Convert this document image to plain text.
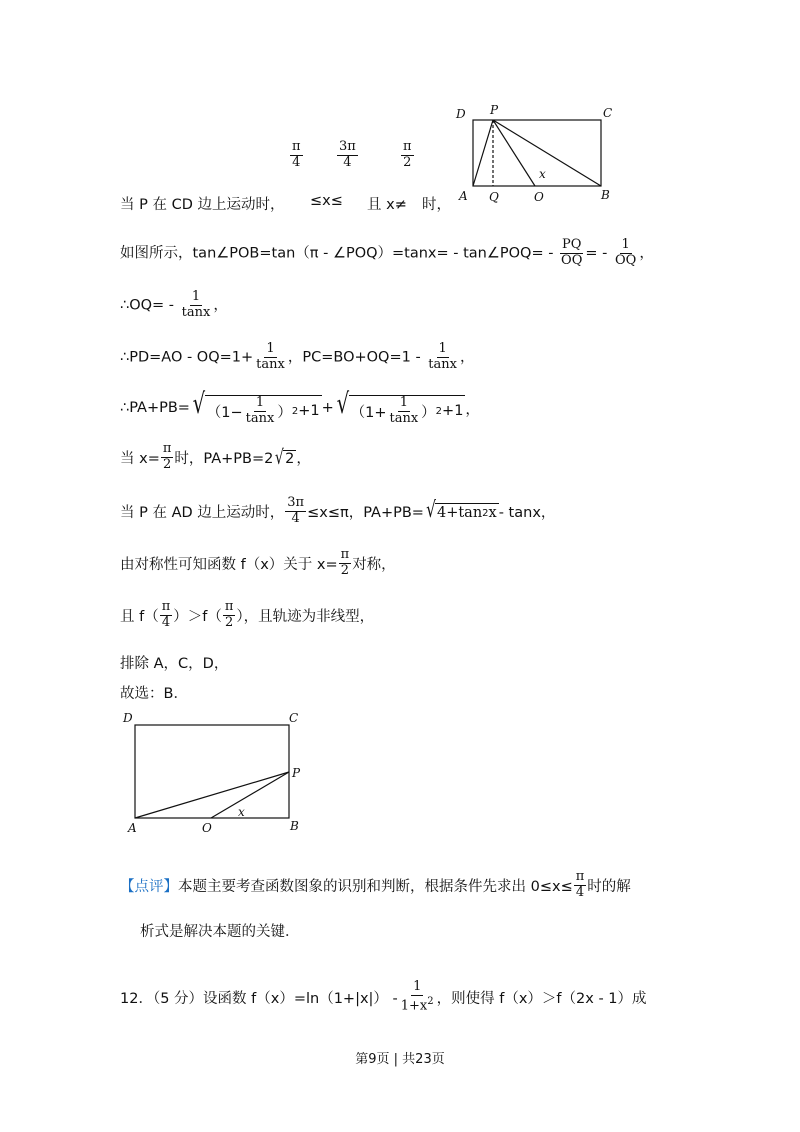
D P	C
A Q	O	B
x
$\frac{\pi}{4}$	$\frac{3\pi}{4}$	$\frac{\pi}{2}$
当 P 在 CD 边上运动时， ≤x≤ 且 x≠ 时，
如图所示，tan∠POB=tan（π - ∠POQ）=tanx= - tan∠POQ= - $\frac{PQ}{OQ}$ = - $\frac{1}{OQ}$ ，
∴OQ= - $\frac{1}{\tan x}$ ，
∴PD=AO - $OQ=1+ \frac{1}{\tan x}$ ，$PC=BO+OQ=1 - \frac{1}{\tan x}$ ，
∴PA+PB= √ （$1- \frac{1}{\tan x}$ ） 2 +1 + √ （$1+ \frac{1}{\tan x}$ ） 2 +1 ，
当 $x= \frac{\pi}{2}$ 时，PA+PB=2 √ 2 ，
当 P 在 AD 边上运动时， $\frac{3\pi}{4} \le x\le\pi$，PA+PB= √ 4+tan 2 x - tanx，
由对称性可知函数 f（x）关于 $x= \frac{\pi}{2}$ 对称，
且 $f( \frac{\pi}{4} )>f( \frac{\pi}{2}$ ），且轨迹为非线型，
排除 A，C，D，
故选：B．
D	C
P
A	O
x
B
【点评】 本题主要考查函数图象的识别和判断，根据条件先求出 $0\le x\le \frac{\pi}{4}$ 时的解
析式是解决本题的关键．
12．（5 分）设函数 $f(x)=\ln(1+|x|) - \frac{1}{1+x^2}$ ，则使得 f（x）＞f（2x - 1）成
第9页 | 共23页
